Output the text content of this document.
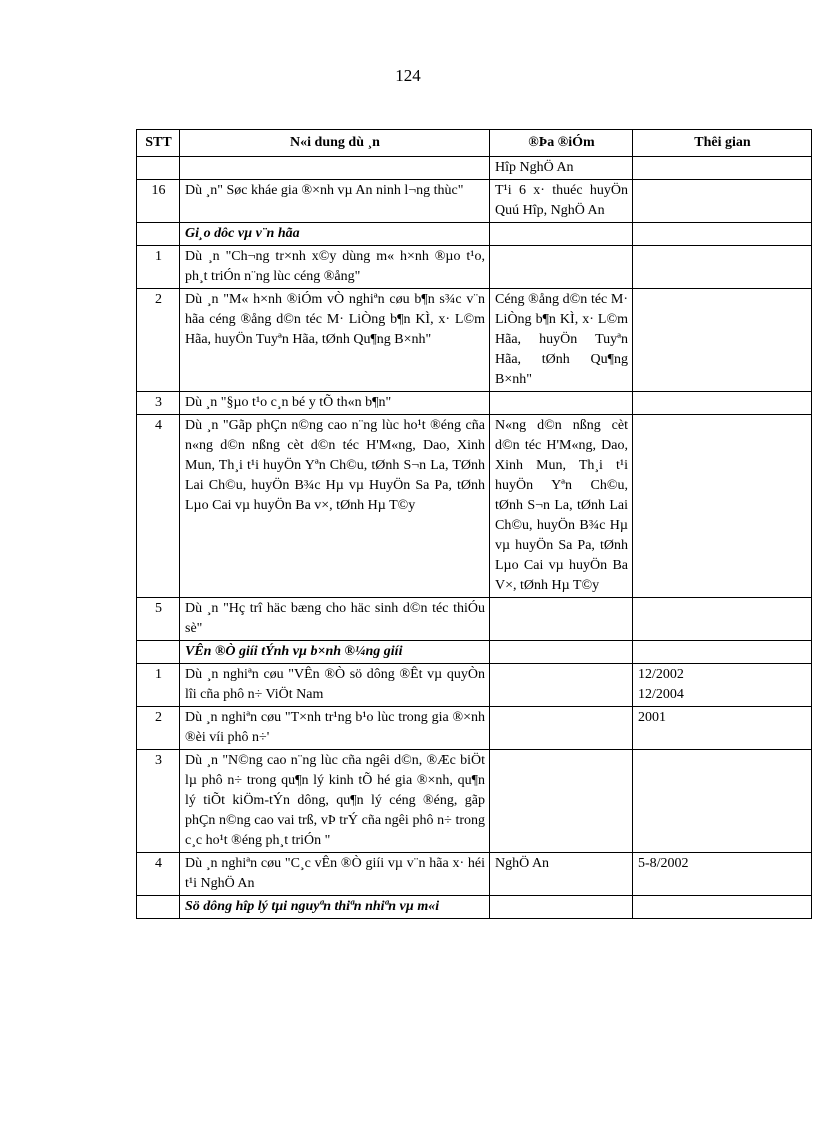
124
STT	N«i dung dù ¸n	®Þa ®iÓm	Thêi gian
		Hîp NghÖ An	
16	Dù ¸n" Søc kháe gia ®×nh vµ An ninh l¬ng thùc"	T¹i 6 x· thuéc huyÖn Quú Hîp, NghÖ An	
	Gi¸o dôc vµ v¨n hãa		
1	Dù ¸n "Ch¬ng tr×nh x©y dùng m« h×nh ®µo t¹o, ph¸t triÓn n¨ng lùc céng ®ång"		
2	Dù ¸n "M« h×nh ®iÓm vÒ nghiªn cøu b¶n s¾c v¨n hãa céng ®ång d©n téc M· LiÒng b¶n KÌ, x· L©m Hãa, huyÖn Tuyªn Hãa, tØnh Qu¶ng B×nh"	Céng ®ång d©n téc M· LiÒng b¶n KÌ, x· L©m Hãa, huyÖn Tuyªn Hãa, tØnh Qu¶ng B×nh"	
3	Dù ¸n "§µo t¹o c¸n bé y tÕ th«n b¶n"		
4	Dù ¸n "Gãp phÇn n©ng cao n¨ng lùc ho¹t ®éng cña n«ng d©n nßng cèt d©n téc H'M«ng, Dao, Xinh Mun, Th¸i t¹i huyÖn Yªn Ch©u, tØnh S¬n La, TØnh Lai Ch©u, huyÖn B¾c Hµ vµ HuyÖn Sa Pa, tØnh Lµo Cai vµ huyÖn Ba v×, tØnh Hµ T©y	N«ng d©n nßng cèt d©n téc H'M«ng, Dao, Xinh Mun, Th¸i t¹i huyÖn Yªn Ch©u, tØnh S¬n La, tØnh Lai Ch©u, huyÖn B¾c Hµ vµ huyÖn Sa Pa, tØnh Lµo Cai vµ huyÖn Ba V×, tØnh Hµ T©y	
5	Dù ¸n "Hç trî häc bæng cho häc sinh d©n téc thiÓu sè"		
	VÊn ®Ò giíi tÝnh vµ b×nh ®¼ng giíi		
1	Dù ¸n nghiªn cøu "VÊn ®Ò sö dông ®Êt vµ quyÒn lîi cña phô n÷ ViÖt Nam		12/2002
12/2004

2	Dù ¸n nghiªn cøu "T×nh tr¹ng b¹o lùc trong gia ®×nh ®èi víi phô n÷'		2001

3	Dù ¸n "N©ng cao n¨ng lùc cña ngêi d©n, ®Æc biÖt lµ phô n÷ trong qu¶n lý kinh tÕ hé gia ®×nh, qu¶n lý tiÕt kiÖm-tÝn dông, qu¶n lý céng ®éng, gãp phÇn n©ng cao vai trß, vÞ trÝ cña ngêi phô n÷ trong c¸c ho¹t ®éng ph¸t triÓn "		
4	Dù ¸n nghiªn cøu "C¸c vÊn ®Ò giíi vµ v¨n hãa x· héi t¹i NghÖ An	NghÖ An	5-8/2002

	Sö dông hîp lý tµi nguyªn thiªn nhiªn vµ m«i		
